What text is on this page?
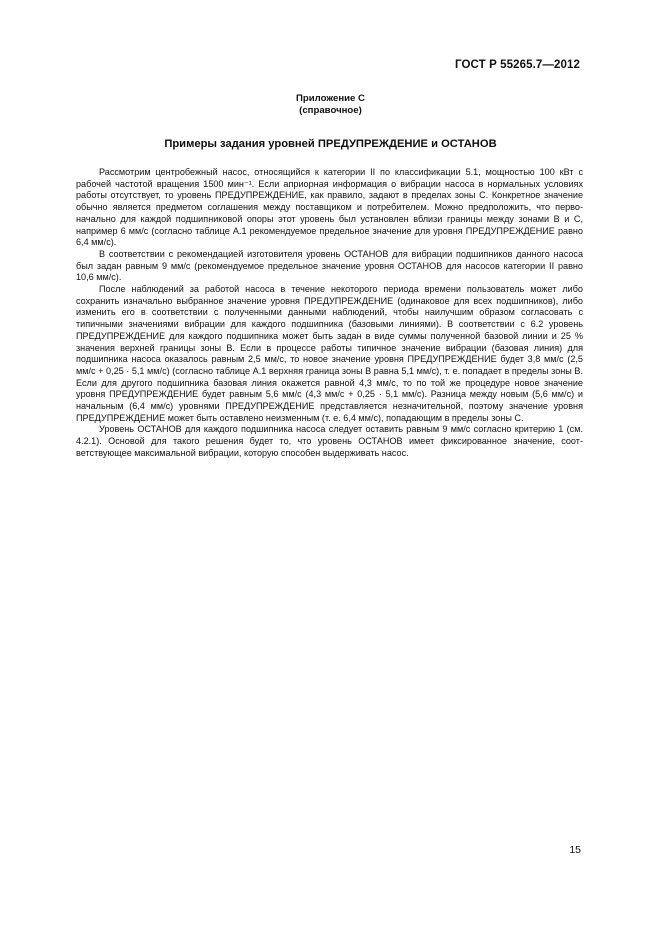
ГОСТ Р 55265.7—2012
Приложение С
(справочное)
Примеры задания уровней ПРЕДУПРЕЖДЕНИЕ и ОСТАНОВ

Рассмотрим центробежный насос, относящийся к категории II по классификации 5.1, мощностью 100 кВт с рабочей частотой вращения 1500 мин⁻¹. Если априорная информация о вибрации насоса в нормальных условиях работы отсутствует, то уровень ПРЕДУПРЕЖДЕНИЕ, как правило, задают в пределах зоны С. Конкретное значение обычно является предметом соглашения между поставщиком и потребителем. Можно предположить, что первоначально для каждой подшипниковой опоры этот уровень был установлен вблизи границы между зонами В и С, например 6 мм/с (согласно таблице А.1 рекомендуемое предельное значение для уровня ПРЕДУПРЕЖДЕНИЕ равно 6,4 мм/с).

В соответствии с рекомендацией изготовителя уровень ОСТАНОВ для вибрации подшипников данного насоса был задан равным 9 мм/с (рекомендуемое предельное значение уровня ОСТАНОВ для насосов категории II равно 10,6 мм/с).

После наблюдений за работой насоса в течение некоторого периода времени пользователь может либо сохранить изначально выбранное значение уровня ПРЕДУПРЕЖДЕНИЕ (одинаковое для всех подшипников), либо изменить его в соответствии с полученными данными наблюдений, чтобы наилучшим образом согласовать с типичными значениями вибрации для каждого подшипника (базовыми линиями). В соответствии с 6.2 уровень ПРЕДУПРЕЖДЕНИЕ для каждого подшипника может быть задан в виде суммы полученной базовой линии и 25 % значения верхней границы зоны В. Если в процессе работы типичное значение вибрации (базовая линия) для подшипника насоса оказалось равным 2,5 мм/с, то новое значение уровня ПРЕДУПРЕЖДЕНИЕ будет 3,8 мм/с (2,5 мм/с + 0,25 · 5,1 мм/с) (согласно таблице А.1 верхняя граница зоны В равна 5,1 мм/с), т. е. попадает в пределы зоны В. Если для другого подшипника базовая линия окажется равной 4,3 мм/с, то по той же процедуре новое значение уровня ПРЕДУПРЕЖДЕНИЕ будет равным 5,6 мм/с (4,3 мм/с + 0,25 · 5,1 мм/с). Разница между новым (5,6 мм/с) и начальным (6,4 мм/с) уровнями ПРЕДУПРЕЖДЕНИЕ представляется незначительной, поэтому значение уровня ПРЕДУПРЕЖДЕНИЕ может быть оставлено неизменным (т. е. 6,4 мм/с), попадающим в пределы зоны С.

Уровень ОСТАНОВ для каждого подшипника насоса следует оставить равным 9 мм/с согласно критерию 1 (см. 4.2.1). Основой для такого решения будет то, что уровень ОСТАНОВ имеет фиксированное значение, соответствующее максимальной вибрации, которую способен выдерживать насос.

15
